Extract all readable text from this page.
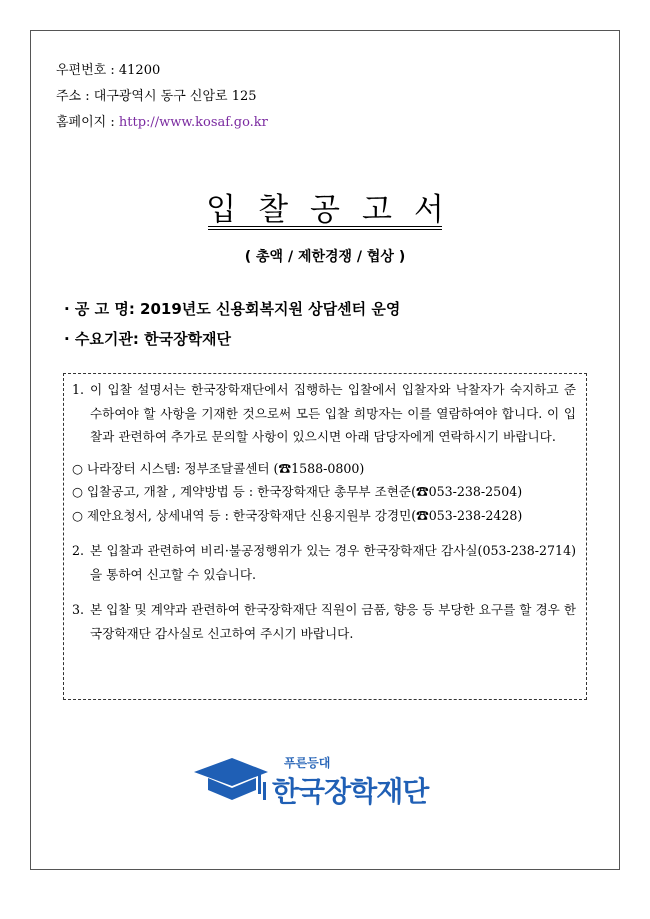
우편번호 : 41200
주소 : 대구광역시 동구 신암로 125
홈페이지 : http://www.kosaf.go.kr
입찰공고서
( 총액 / 제한경쟁 / 협상 )
· 공 고 명: 2019년도 신용회복지원 상담센터 운영
· 수요기관: 한국장학재단
1. 이 입찰 설명서는 한국장학재단에서 집행하는 입찰에서 입찰자와 낙찰자가 숙지하고 준수하여야 할 사항을 기재한 것으로써 모든 입찰 희망자는 이를 열람하여야 합니다. 이 입찰과 관련하여 추가로 문의할 사항이 있으시면 아래 담당자에게 연락하시기 바랍니다.
○ 나라장터 시스템: 정부조달콜센터 (☎1588-0800)
○ 입찰공고, 개찰 , 계약방법 등 : 한국장학재단 총무부 조현준(☎053-238-2504)
○ 제안요청서, 상세내역 등 : 한국장학재단 신용지원부 강경민(☎053-238-2428)
2. 본 입찰과 관련하여 비리·불공정행위가 있는 경우 한국장학재단 감사실(053-238-2714)을 통하여 신고할 수 있습니다.
3. 본 입찰 및 계약과 관련하여 한국장학재단 직원이 금품, 향응 등 부당한 요구를 할 경우 한국장학재단 감사실로 신고하여 주시기 바랍니다.
푸른등대
한국장학재단
